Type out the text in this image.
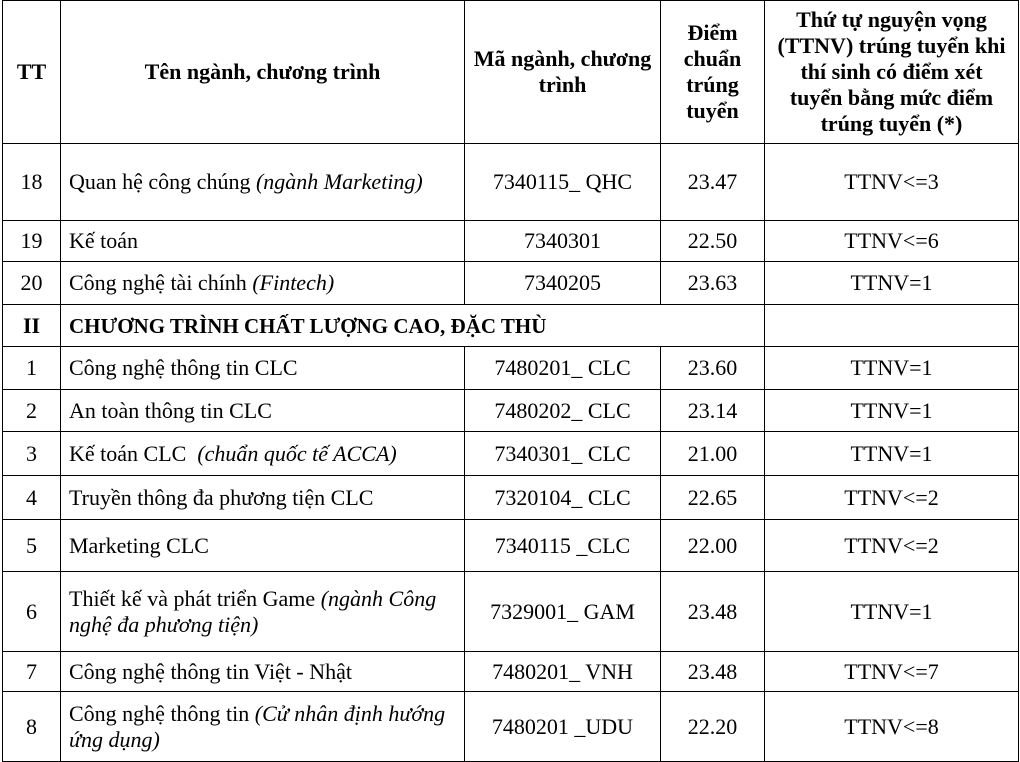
TT	Tên ngành, chương trình	Mã ngành, chương trình	Điểm chuẩn trúng tuyển	Thứ tự nguyện vọng (TTNV) trúng tuyển khi thí sinh có điểm xét tuyển bằng mức điểm trúng tuyển (*)
18	Quan hệ công chúng (ngành Marketing)	7340115_ QHC	23.47	TTNV<=3
19	Kế toán	7340301	22.50	TTNV<=6
20	Công nghệ tài chính (Fintech)	7340205	23.63	TTNV=1
II	CHƯƠNG TRÌNH CHẤT LƯỢNG CAO, ĐẶC THÙ			
1	Công nghệ thông tin CLC	7480201_ CLC	23.60	TTNV=1
2	An toàn thông tin CLC	7480202_ CLC	23.14	TTNV=1
3	Kế toán CLC  (chuẩn quốc tế ACCA)	7340301_ CLC	21.00	TTNV=1
4	Truyền thông đa phương tiện CLC	7320104_ CLC	22.65	TTNV<=2
5	Marketing CLC	7340115 _CLC	22.00	TTNV<=2
6	Thiết kế và phát triển Game (ngành Công nghệ đa phương tiện)	7329001_ GAM	23.48	TTNV=1
7	Công nghệ thông tin Việt - Nhật	7480201_ VNH	23.48	TTNV<=7
8	Công nghệ thông tin (Cử nhân định hướng ứng dụng)	7480201 _UDU	22.20	TTNV<=8
